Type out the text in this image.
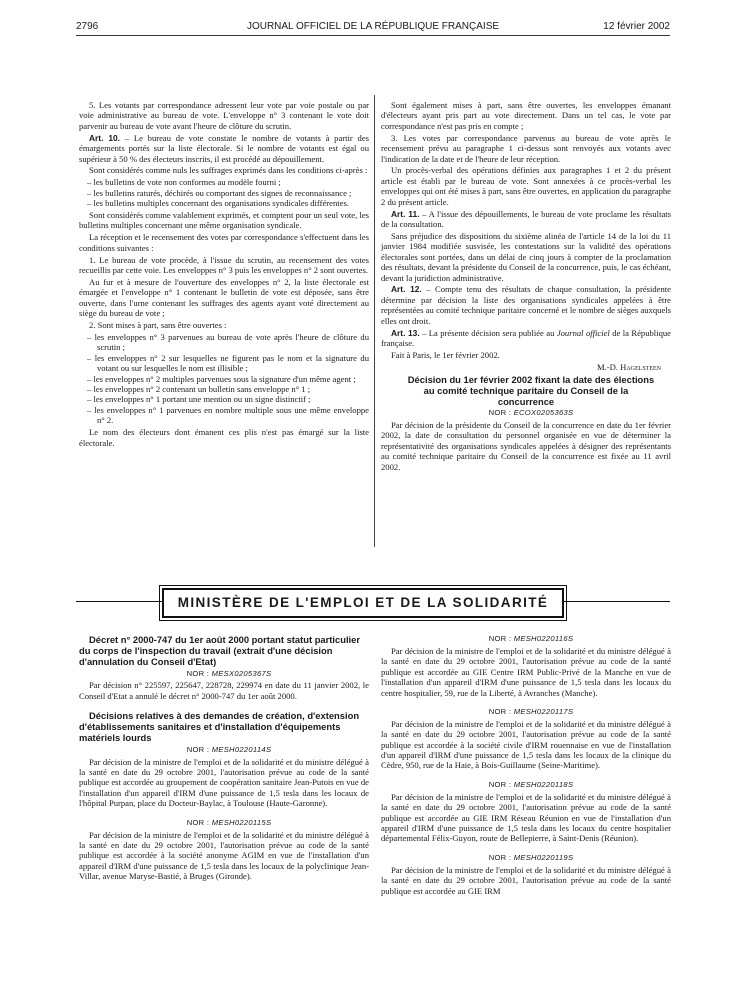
2796	JOURNAL OFFICIEL DE LA RÉPUBLIQUE FRANÇAISE	12 février 2002

5. Les votants par correspondance adressent leur vote par voie postale ou par voie administrative au bureau de vote. L'enveloppe n° 3 contenant le vote doit parvenir au bureau de vote avant l'heure de clôture du scrutin.

Art. 10. – Le bureau de vote constate le nombre de votants à partir des émargements portés sur la liste électorale. Si le nombre de votants est égal ou supérieur à 50 % des électeurs inscrits, il est procédé au dépouillement.

Sont considérés comme nuls les suffrages exprimés dans les conditions ci-après :

– les bulletins de vote non conformes au modèle fourni ;
– les bulletins raturés, déchirés ou comportant des signes de reconnaissance ;
– les bulletins multiples concernant des organisations syndicales différentes.

Sont considérés comme valablement exprimés, et comptent pour un seul vote, les bulletins multiples concernant une même organisation syndicale.

La réception et le recensement des votes par correspondance s'effectuent dans les conditions suivantes :

1. Le bureau de vote procède, à l'issue du scrutin, au recensement des votes recueillis par cette voie. Les enveloppes n° 3 puis les enveloppes n° 2 sont ouvertes.

Au fur et à mesure de l'ouverture des enveloppes n° 2, la liste électorale est émargée et l'enveloppe n° 1 contenant le bulletin de vote est déposée, sans être ouverte, dans l'urne contenant les suffrages des agents ayant voté directement au siège du bureau de vote ;

2. Sont mises à part, sans être ouvertes :

– les enveloppes n° 3 parvenues au bureau de vote après l'heure de clôture du scrutin ;
– les enveloppes n° 2 sur lesquelles ne figurent pas le nom et la signature du votant ou sur lesquelles le nom est illisible ;
– les enveloppes n° 2 multiples parvenues sous la signature d'un même agent ;
– les enveloppes n° 2 contenant un bulletin sans enveloppe n° 1 ;
– les enveloppes n° 1 portant une mention ou un signe distinctif ;
– les enveloppes n° 1 parvenues en nombre multiple sous une même enveloppe n° 2.

Le nom des électeurs dont émanent ces plis n'est pas émargé sur la liste électorale.

Sont également mises à part, sans être ouvertes, les enveloppes émanant d'électeurs ayant pris part au vote directement. Dans un tel cas, le vote par correspondance n'est pas pris en compte ;

3. Les votes par correspondance parvenus au bureau de vote après le recensement prévu au paragraphe 1 ci-dessus sont renvoyés aux votants avec l'indication de la date et de l'heure de leur réception.

Un procès-verbal des opérations définies aux paragraphes 1 et 2 du présent article est établi par le bureau de vote. Sont annexées à ce procès-verbal les enveloppes qui ont été mises à part, sans être ouvertes, en application du paragraphe 2 du présent article.

Art. 11. – A l'issue des dépouillements, le bureau de vote proclame les résultats de la consultation.

Sans préjudice des dispositions du sixième alinéa de l'article 14 de la loi du 11 janvier 1984 modifiée susvisée, les contestations sur la validité des opérations électorales sont portées, dans un délai de cinq jours à compter de la proclamation des résultats, devant la présidente du Conseil de la concurrence, puis, le cas échéant, devant la juridiction administrative.

Art. 12. – Compte tenu des résultats de chaque consultation, la présidente détermine par décision la liste des organisations syndicales appelées à être représentées au comité technique paritaire concerné et le nombre de sièges auxquels elles ont droit.

Art. 13. – La présente décision sera publiée au Journal officiel de la République française.

Fait à Paris, le 1er février 2002.

M.-D. Hagelsteen

Décision du 1er février 2002 fixant la date des élections au comité technique paritaire du Conseil de la concurrence

NOR : ECOX0205363S

Par décision de la présidente du Conseil de la concurrence en date du 1er février 2002, la date de consultation du personnel organisée en vue de déterminer la représentativité des organisations syndicales appelées à désigner des représentants au comité technique paritaire du Conseil de la concurrence est fixée au 11 avril 2002.

MINISTÈRE DE L'EMPLOI ET DE LA SOLIDARITÉ

Décret n° 2000-747 du 1er août 2000 portant statut particulier du corps de l'inspection du travail (extrait d'une décision d'annulation du Conseil d'Etat)

NOR : MESX0205367S

Par décision n° 225597, 225647, 228728, 229974 en date du 11 janvier 2002, le Conseil d'Etat a annulé le décret n° 2000-747 du 1er août 2000.

Décisions relatives à des demandes de création, d'extension d'établissements sanitaires et d'installation d'équipements matériels lourds

NOR : MESH0220114S

Par décision de la ministre de l'emploi et de la solidarité et du ministre délégué à la santé en date du 29 octobre 2001, l'autorisation prévue au code de la santé publique est accordée au groupement de coopération sanitaire Jean-Putois en vue de l'installation d'un appareil d'IRM d'une puissance de 1,5 tesla dans les locaux de l'hôpital Purpan, place du Docteur-Baylac, à Toulouse (Haute-Garonne).

NOR : MESH0220115S

Par décision de la ministre de l'emploi et de la solidarité et du ministre délégué à la santé en date du 29 octobre 2001, l'autorisation prévue au code de la santé publique est accordée à la société anonyme AGIM en vue de l'installation d'un appareil d'IRM d'une puissance de 1,5 tesla dans les locaux de la polyclinique Jean-Villar, avenue Maryse-Bastié, à Bruges (Gironde).

NOR : MESH0220116S

Par décision de la ministre de l'emploi et de la solidarité et du ministre délégué à la santé en date du 29 octobre 2001, l'autorisation prévue au code de la santé publique est accordée au GIE Centre IRM Public-Privé de la Manche en vue de l'installation d'un appareil d'IRM d'une puissance de 1,5 tesla dans les locaux du centre hospitalier, 59, rue de la Liberté, à Avranches (Manche).

NOR : MESH0220117S

Par décision de la ministre de l'emploi et de la solidarité et du ministre délégué à la santé en date du 29 octobre 2001, l'autorisation prévue au code de la santé publique est accordée à la société civile d'IRM rouennaise en vue de l'installation d'un appareil d'IRM d'une puissance de 1,5 tesla dans les locaux de la clinique du Cèdre, 950, rue de la Haie, à Bois-Guillaume (Seine-Maritime).

NOR : MESH0220118S

Par décision de la ministre de l'emploi et de la solidarité et du ministre délégué à la santé en date du 29 octobre 2001, l'autorisation prévue au code de la santé publique est accordée au GIE IRM Réseau Réunion en vue de l'installation d'un appareil d'IRM d'une puissance de 1,5 tesla dans les locaux du centre hospitalier départemental Félix-Guyon, route de Bellepierre, à Saint-Denis (Réunion).

NOR : MESH0220119S

Par décision de la ministre de l'emploi et de la solidarité et du ministre délégué à la santé en date du 29 octobre 2001, l'autorisation prévue au code de la santé publique est accordée au GIE IRM
